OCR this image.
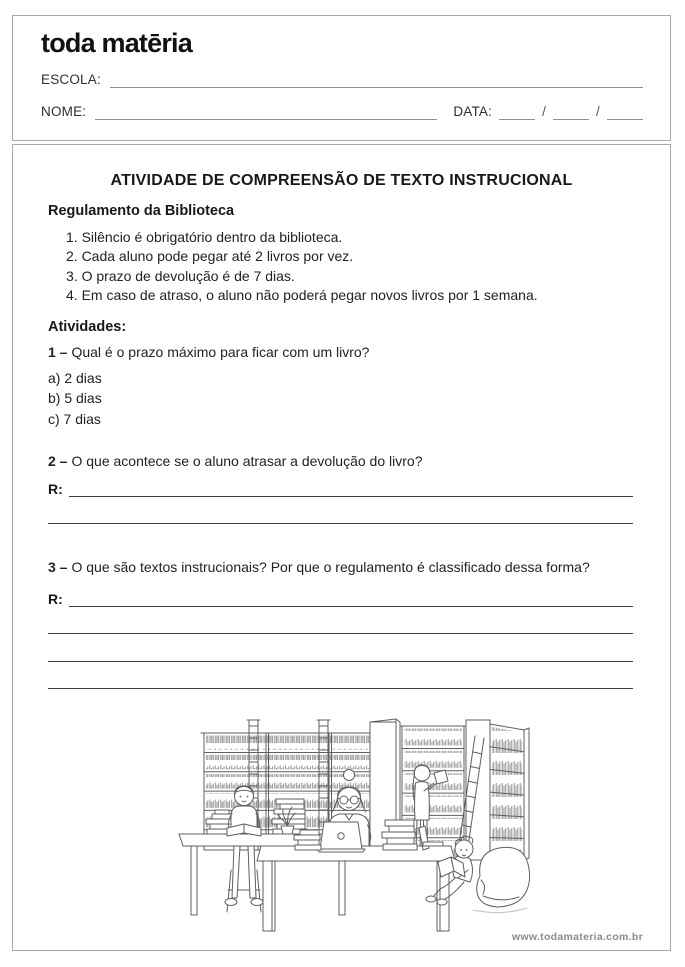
toda matēria
ESCOLA:
NOME:	DATA:	/	/
ATIVIDADE DE COMPREENSÃO DE TEXTO INSTRUCIONAL
Regulamento da Biblioteca
1. Silêncio é obrigatório dentro da biblioteca.
2. Cada aluno pode pegar até 2 livros por vez.
3. O prazo de devolução é de 7 dias.
4. Em caso de atraso, o aluno não poderá pegar novos livros por 1 semana.
Atividades:
1 – Qual é o prazo máximo para ficar com um livro?
a) 2 dias
b) 5 dias
c) 7 dias
2 – O que acontece se o aluno atrasar a devolução do livro?
R:
3 – O que são textos instrucionais? Por que o regulamento é classificado dessa forma?
R:
www.todamateria.com.br
